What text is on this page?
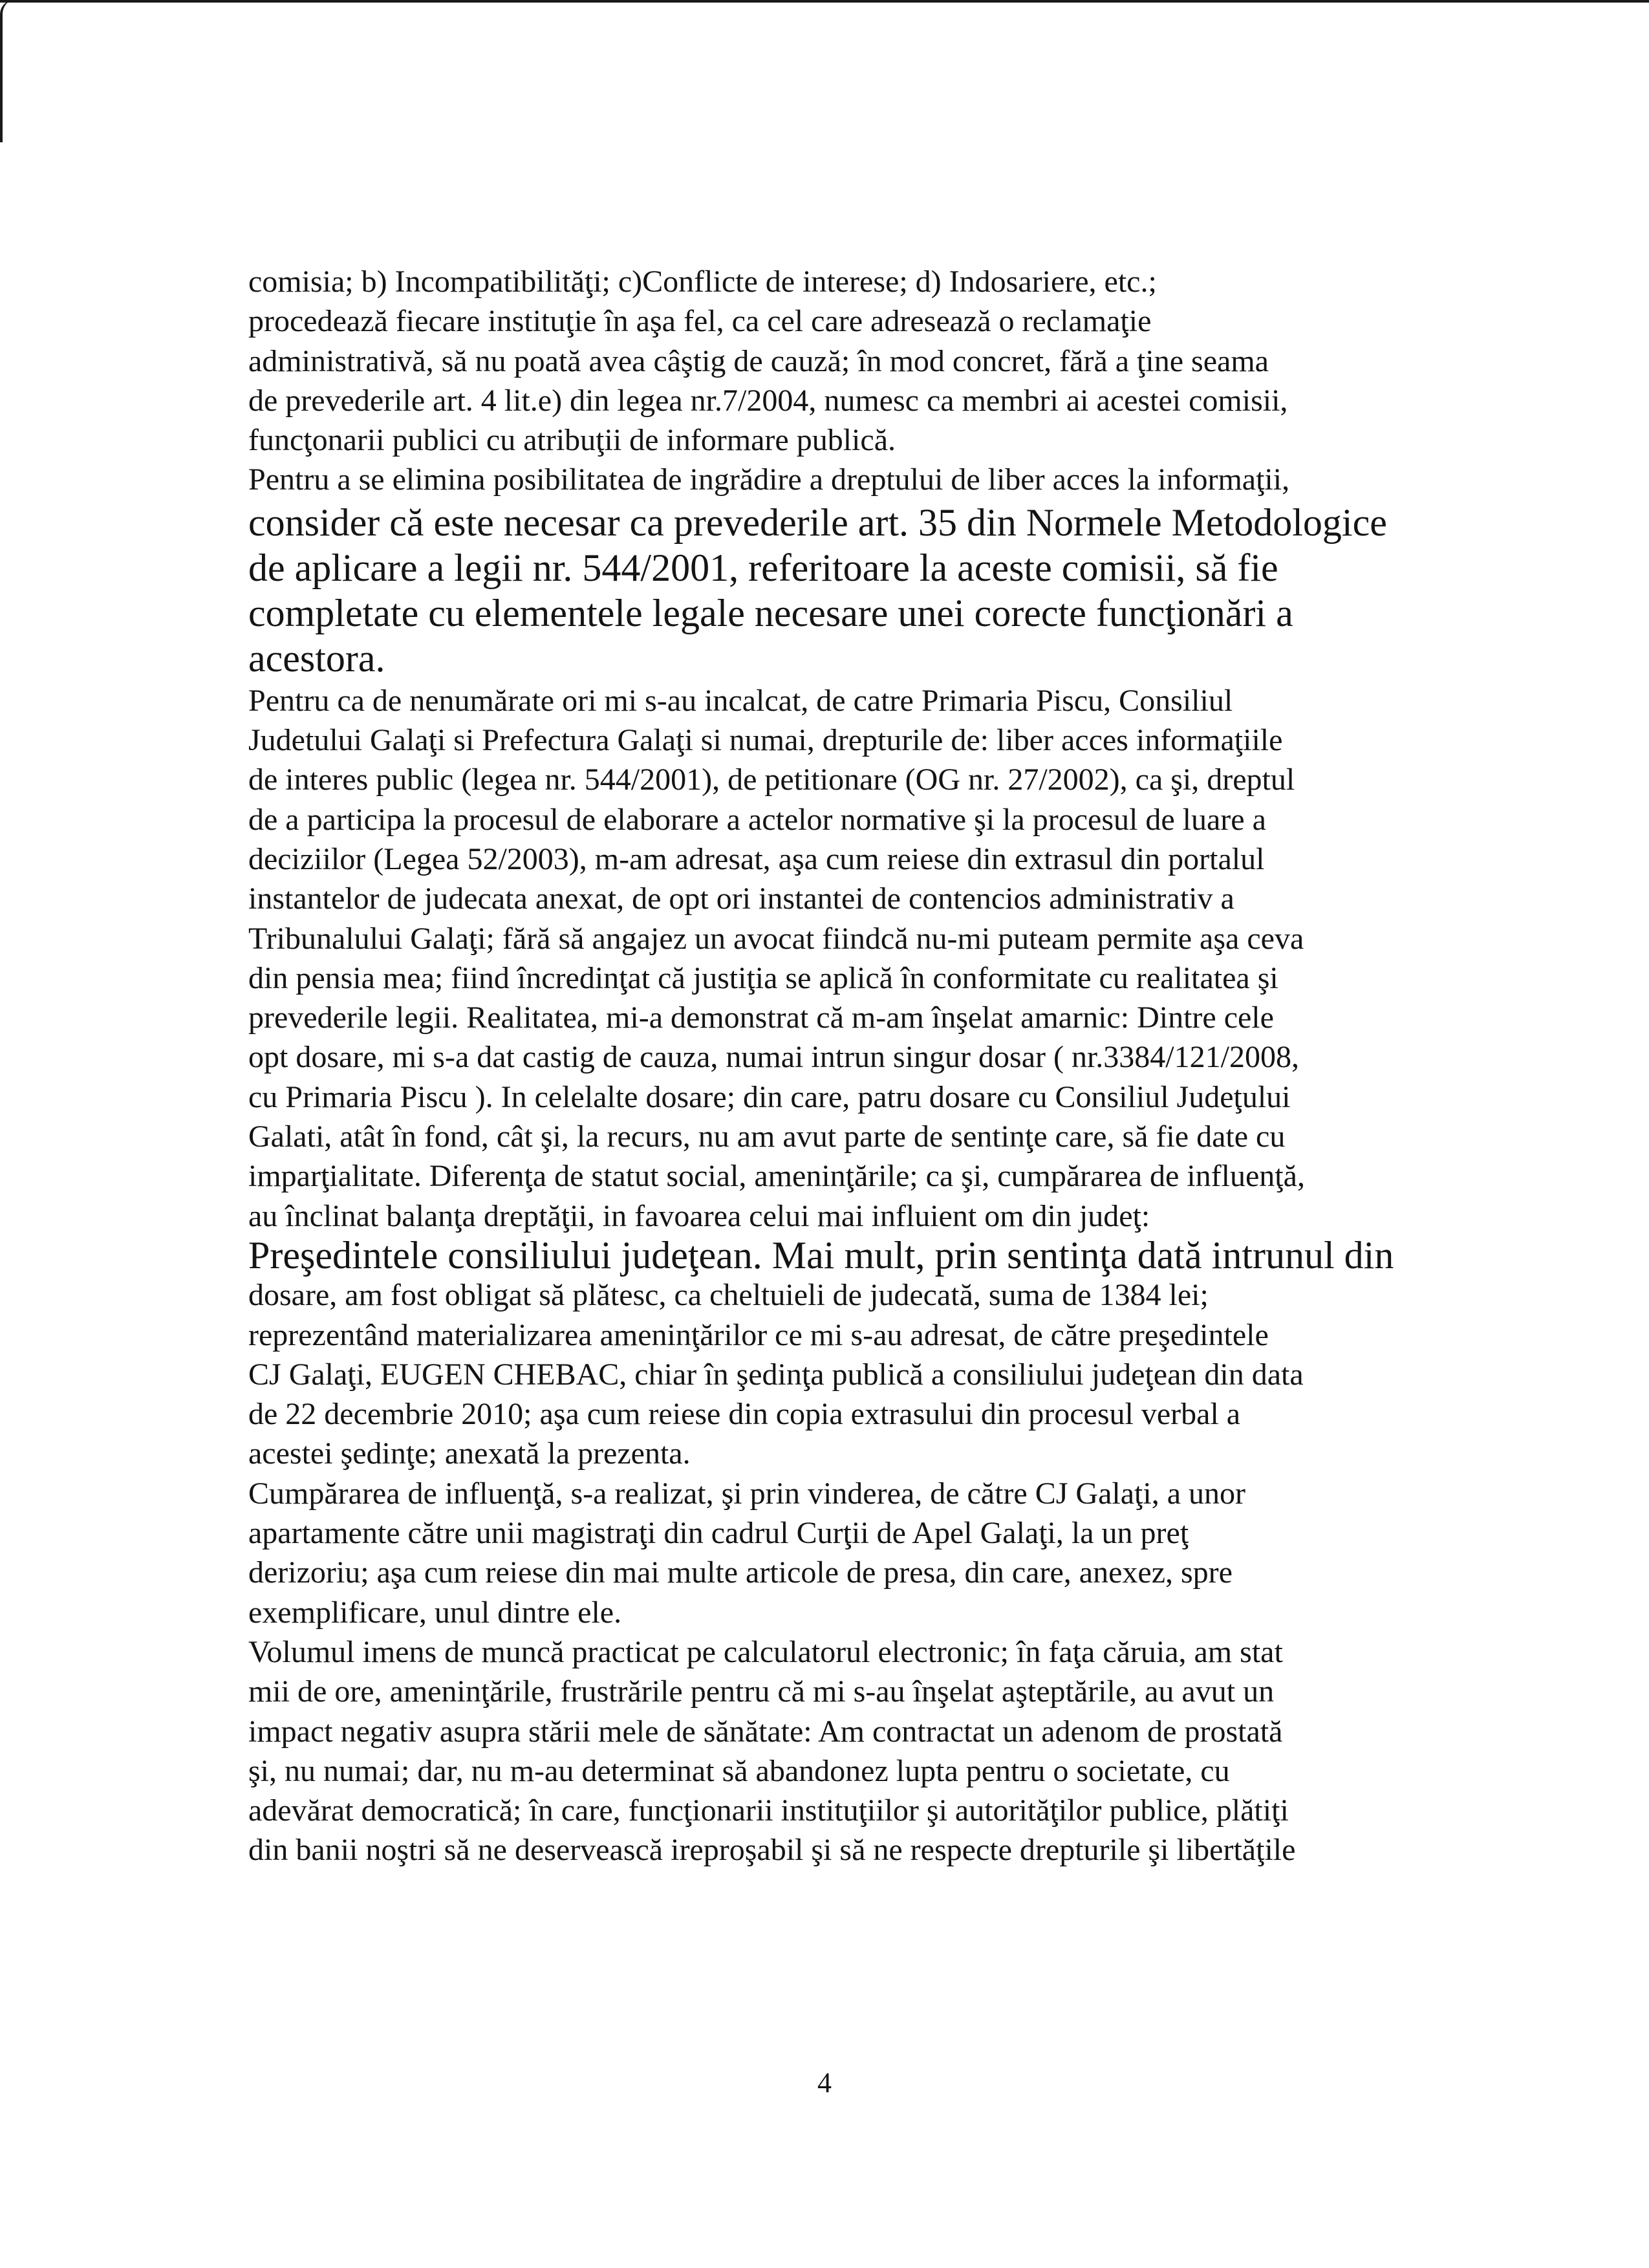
comisia; b) Incompatibilităţi; c)Conflicte de interese; d) Indosariere, etc.;
procedează fiecare instituţie în aşa fel, ca cel care adresează o reclamaţie
administrativă, să nu poată avea câştig de cauză; în mod concret, fără a ţine seama
de prevederile art. 4 lit.e) din legea nr.7/2004, numesc ca membri ai acestei comisii,
funcţonarii publici cu atribuţii de informare publică.
Pentru a se elimina posibilitatea de ingrădire a dreptului de liber acces la informaţii,
consider că este necesar ca prevederile art. 35 din Normele Metodologice
de aplicare a legii nr. 544/2001, referitoare la aceste comisii, să fie
completate cu elementele legale necesare unei corecte funcţionări a
acestora.
Pentru ca de nenumărate ori mi s-au incalcat, de catre Primaria Piscu, Consiliul
Judetului Galaţi si Prefectura Galaţi si numai, drepturile de: liber acces informaţiile
de interes public (legea nr. 544/2001), de petitionare (OG nr. 27/2002), ca şi, dreptul
de a participa la procesul de elaborare a actelor normative şi la procesul de luare a
deciziilor (Legea 52/2003), m-am adresat, aşa cum reiese din extrasul din portalul
instantelor de judecata anexat, de opt ori instantei de contencios administrativ a
Tribunalului Galaţi; fără să angajez un avocat fiindcă nu-mi puteam permite aşa ceva
din pensia mea; fiind încredinţat că justiţia se aplică în conformitate cu realitatea şi
prevederile legii. Realitatea, mi-a demonstrat că m-am înşelat amarnic: Dintre cele
opt dosare, mi s-a dat castig de cauza, numai intrun singur dosar ( nr.3384/121/2008,
cu Primaria Piscu ). In celelalte dosare; din care, patru dosare cu Consiliul Judeţului
Galati, atât în fond, cât şi, la recurs, nu am avut parte de sentinţe care, să fie date cu
imparţialitate. Diferenţa de statut social, ameninţările; ca şi, cumpărarea de influenţă,
au înclinat balanţa dreptăţii, in favoarea celui mai influient om din judeţ:
Preşedintele consiliului judeţean. Mai mult, prin sentinţa dată intrunul din
dosare, am fost obligat să plătesc, ca cheltuieli de judecată, suma de 1384 lei;
reprezentând materializarea ameninţărilor ce mi s-au adresat, de către preşedintele
CJ Galaţi, EUGEN CHEBAC, chiar în şedinţa publică a consiliului judeţean din data
de 22 decembrie 2010; aşa cum reiese din copia extrasului din procesul verbal a
acestei şedinţe; anexată la prezenta.
Cumpărarea de influenţă, s-a realizat, şi prin vinderea, de către CJ Galaţi, a unor
apartamente către unii magistraţi din cadrul Curţii de Apel Galaţi, la un preţ
derizoriu; aşa cum reiese din mai multe articole de presa, din care, anexez, spre
exemplificare, unul dintre ele.
Volumul imens de muncă practicat pe calculatorul electronic; în faţa căruia, am stat
mii de ore, ameninţările, frustrările pentru că mi s-au înşelat aşteptările, au avut un
impact negativ asupra stării mele de sănătate: Am contractat un adenom de prostată
şi, nu numai; dar, nu m-au determinat să abandonez lupta pentru o societate, cu
adevărat democratică; în care, funcţionarii instituţiilor şi autorităţilor publice, plătiţi
din banii noştri să ne deservească ireproşabil şi să ne respecte drepturile şi libertăţile
4
